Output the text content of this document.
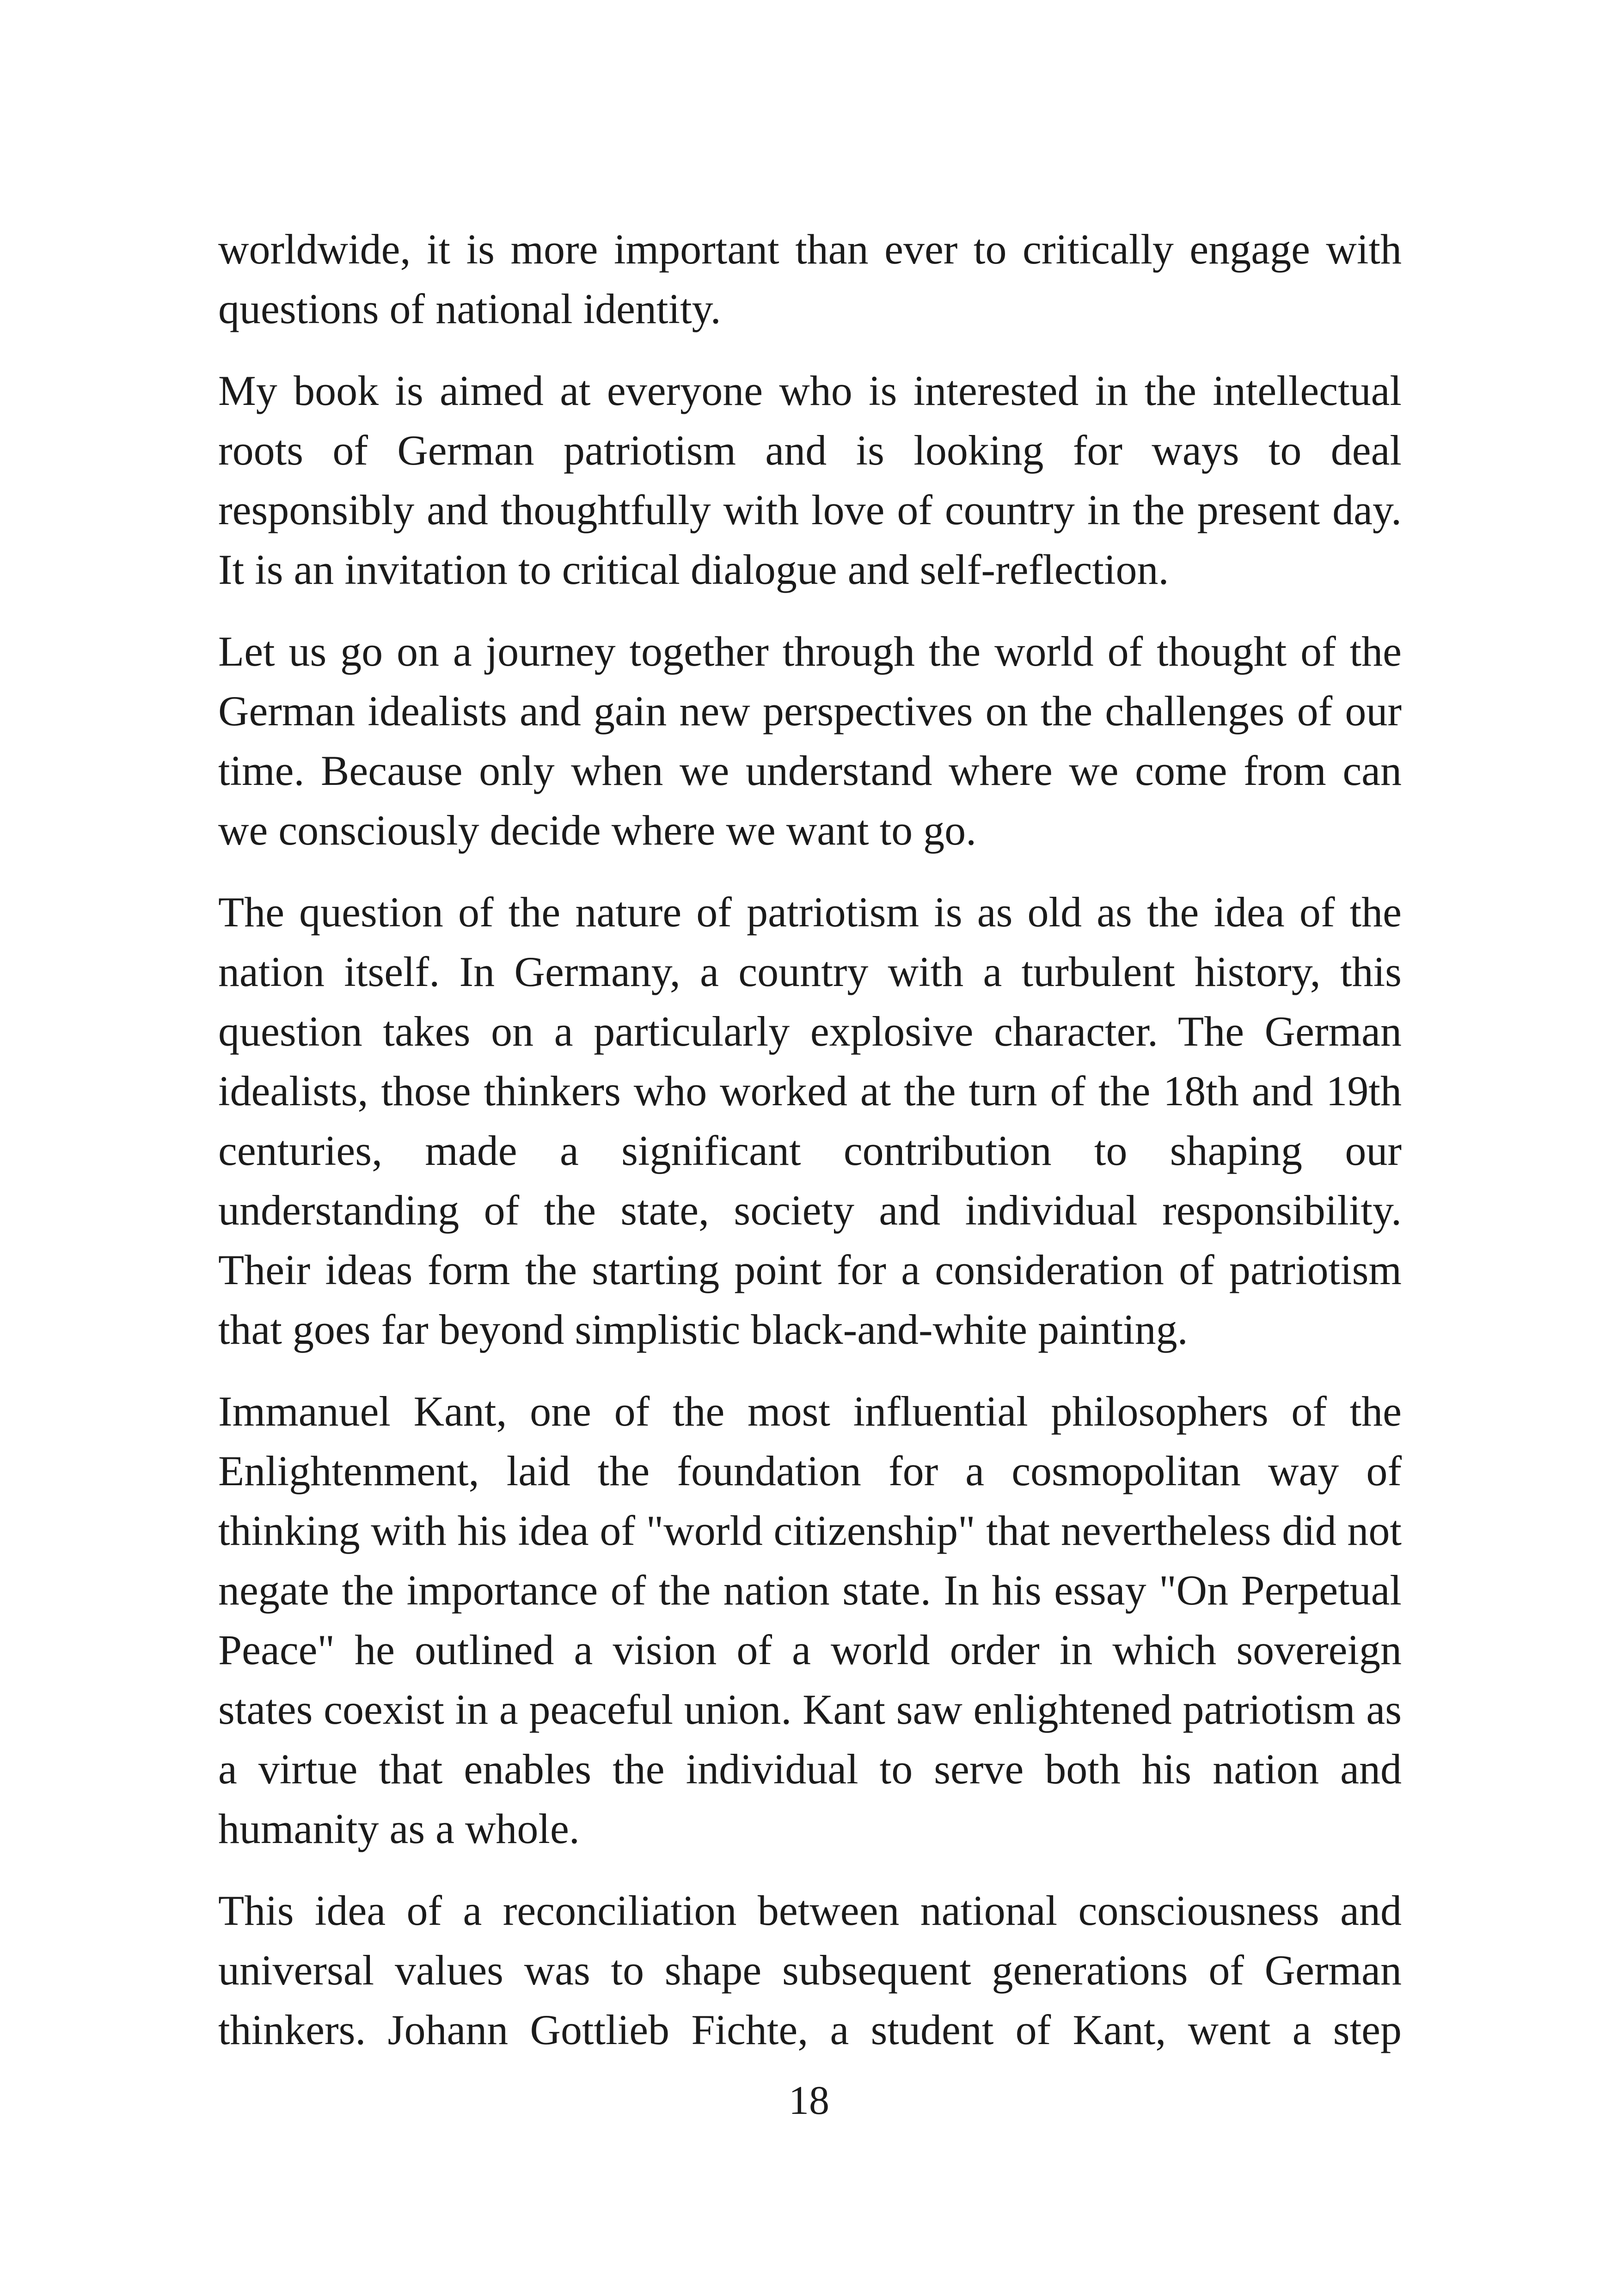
worldwide, it is more important than ever to critically engage with questions of national identity.

My book is aimed at everyone who is interested in the intellectual roots of German patriotism and is looking for ways to deal responsibly and thoughtfully with love of country in the present day. It is an invitation to critical dialogue and self-reflection.

Let us go on a journey together through the world of thought of the German idealists and gain new perspectives on the challenges of our time. Because only when we understand where we come from can we consciously decide where we want to go.

The question of the nature of patriotism is as old as the idea of the nation itself. In Germany, a country with a turbulent history, this question takes on a particularly explosive character. The German idealists, those thinkers who worked at the turn of the 18th and 19th centuries, made a significant contribution to shaping our understanding of the state, society and individual responsibility. Their ideas form the starting point for a consideration of patriotism that goes far beyond simplistic black-and-white painting.

Immanuel Kant, one of the most influential philosophers of the Enlightenment, laid the foundation for a cosmopolitan way of thinking with his idea of "world citizenship" that nevertheless did not negate the importance of the nation state. In his essay "On Perpetual Peace" he outlined a vision of a world order in which sovereign states coexist in a peaceful union. Kant saw enlightened patriotism as a virtue that enables the individual to serve both his nation and humanity as a whole.

This idea of a reconciliation between national consciousness and universal values was to shape subsequent generations of German thinkers. Johann Gottlieb Fichte, a student of Kant, went a step

18
